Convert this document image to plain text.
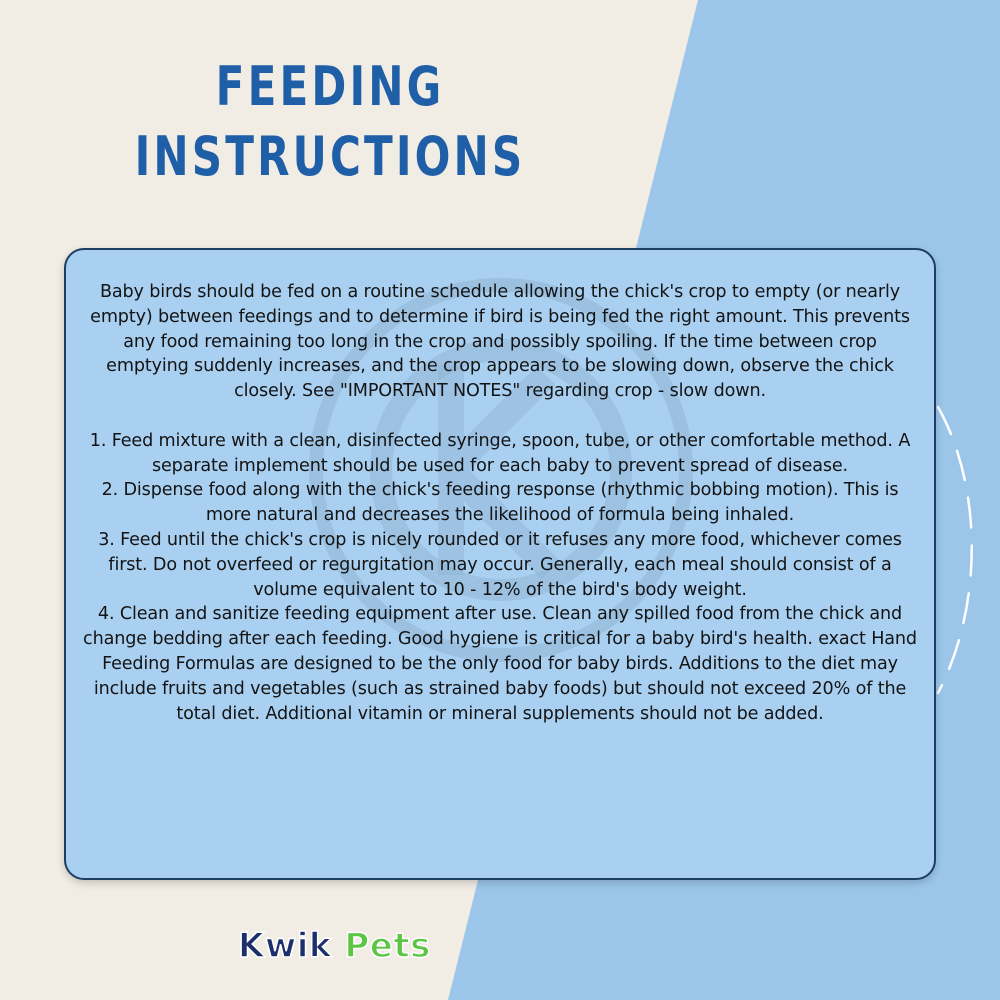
FEEDING
INSTRUCTIONS

Baby birds should be fed on a routine schedule allowing the chick's crop to empty (or nearly empty) between feedings and to determine if bird is being fed the right amount. This prevents any food remaining too long in the crop and possibly spoiling. If the time between crop emptying suddenly increases, and the crop appears to be slowing down, observe the chick closely. See "IMPORTANT NOTES" regarding crop - slow down.

1. Feed mixture with a clean, disinfected syringe, spoon, tube, or other comfortable method. A separate implement should be used for each baby to prevent spread of disease.

2. Dispense food along with the chick's feeding response (rhythmic bobbing motion). This is more natural and decreases the likelihood of formula being inhaled.

3. Feed until the chick's crop is nicely rounded or it refuses any more food, whichever comes first. Do not overfeed or regurgitation may occur. Generally, each meal should consist of a volume equivalent to 10 - 12% of the bird's body weight.

4. Clean and sanitize feeding equipment after use. Clean any spilled food from the chick and change bedding after each feeding. Good hygiene is critical for a baby bird's health. exact Hand Feeding Formulas are designed to be the only food for baby birds. Additions to the diet may include fruits and vegetables (such as strained baby foods) but should not exceed 20% of the total diet. Additional vitamin or mineral supplements should not be added.

Kwik Pets
